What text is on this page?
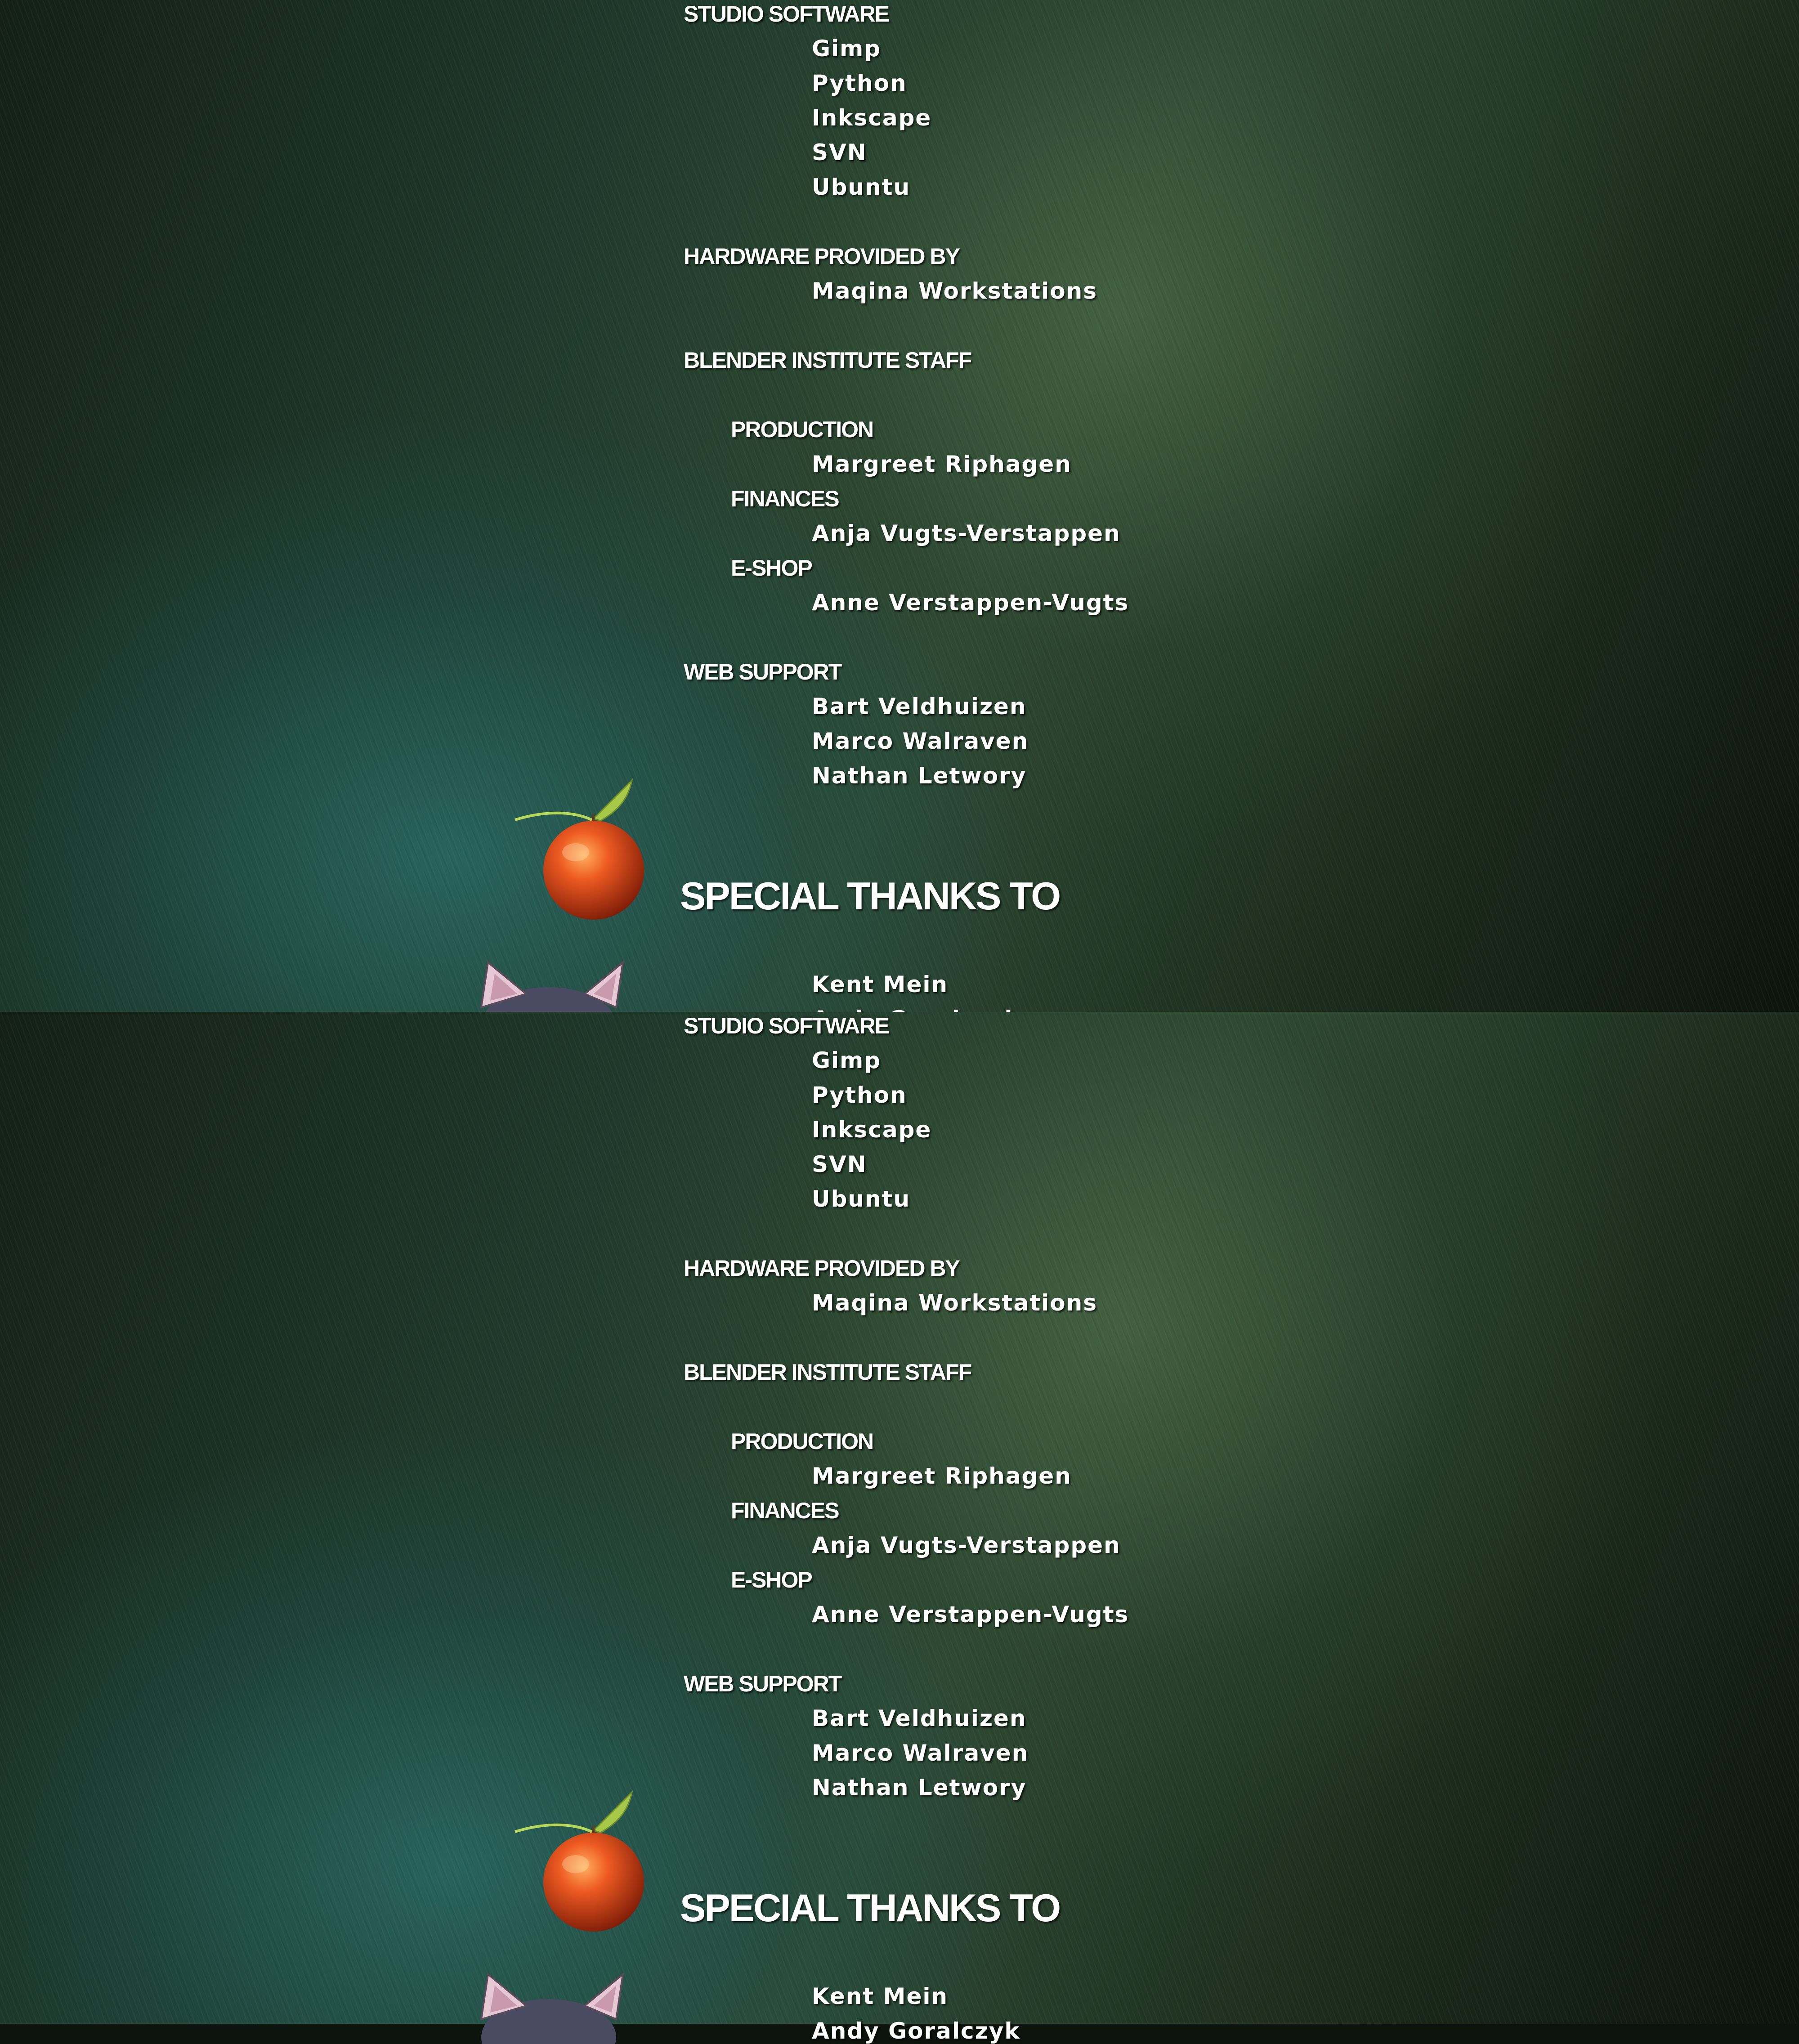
STUDIO SOFTWARE
Gimp
Python
Inkscape
SVN
Ubuntu
HARDWARE PROVIDED BY
Maqina Workstations
BLENDER INSTITUTE STAFF
PRODUCTION
Margreet Riphagen
FINANCES
Anja Vugts-Verstappen
E-SHOP
Anne Verstappen-Vugts
WEB SUPPORT
Bart Veldhuizen
Marco Walraven
Nathan Letwory
SPECIAL THANKS TO
Kent Mein
STUDIO SOFTWARE
Gimp
Python
Inkscape
SVN
Ubuntu
HARDWARE PROVIDED BY
Maqina Workstations
BLENDER INSTITUTE STAFF
PRODUCTION
Margreet Riphagen
FINANCES
Anja Vugts-Verstappen
E-SHOP
Anne Verstappen-Vugts
WEB SUPPORT
Bart Veldhuizen
Marco Walraven
Nathan Letwory
SPECIAL THANKS TO
Kent Mein
Andy Goralczyk
